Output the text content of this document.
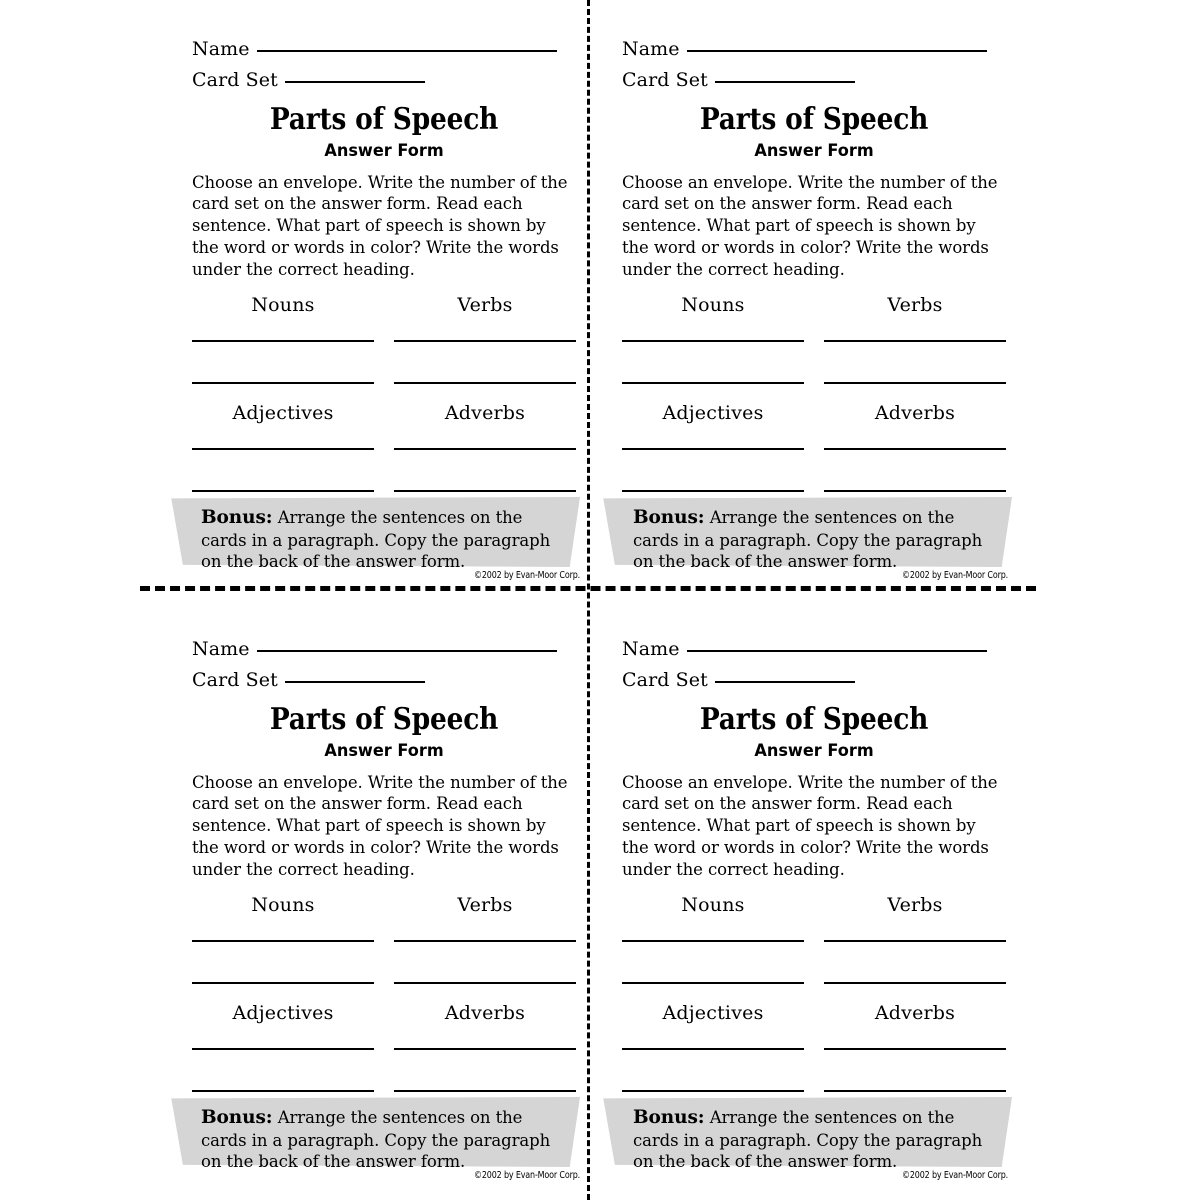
Name
Card Set
Parts of Speech
Answer Form
Choose an envelope. Write the number of the card set on the answer form. Read each sentence. What part of speech is shown by the word or words in color? Write the words under the correct heading.
Nouns
Adjectives
Verbs
Adverbs
Bonus: Arrange the sentences on the cards in a paragraph. Copy the paragraph on the back of the answer form.
©2002 by Evan-Moor Corp.
Name
Card Set
Parts of Speech
Answer Form
Choose an envelope. Write the number of the card set on the answer form. Read each sentence. What part of speech is shown by the word or words in color? Write the words under the correct heading.
Nouns
Adjectives
Verbs
Adverbs
Bonus: Arrange the sentences on the cards in a paragraph. Copy the paragraph on the back of the answer form.
©2002 by Evan-Moor Corp.
Name
Card Set
Parts of Speech
Answer Form
Choose an envelope. Write the number of the card set on the answer form. Read each sentence. What part of speech is shown by the word or words in color? Write the words under the correct heading.
Nouns
Adjectives
Verbs
Adverbs
Bonus: Arrange the sentences on the cards in a paragraph. Copy the paragraph on the back of the answer form.
©2002 by Evan-Moor Corp.
Name
Card Set
Parts of Speech
Answer Form
Choose an envelope. Write the number of the card set on the answer form. Read each sentence. What part of speech is shown by the word or words in color? Write the words under the correct heading.
Nouns
Adjectives
Verbs
Adverbs
Bonus: Arrange the sentences on the cards in a paragraph. Copy the paragraph on the back of the answer form.
©2002 by Evan-Moor Corp.
